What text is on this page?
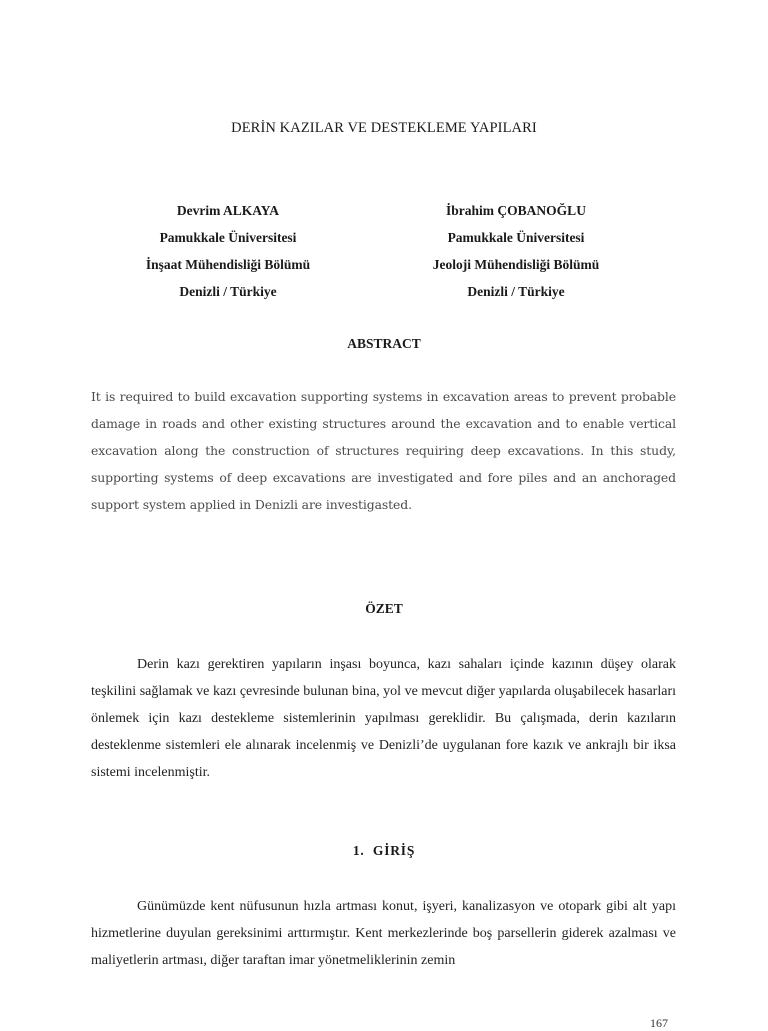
DERİN KAZILAR VE DESTEKLEME YAPILARI
Devrim ALKAYA
Pamukkale Üniversitesi
İnşaat Mühendisliği Bölümü
Denizli / Türkiye
İbrahim ÇOBANOĞLU
Pamukkale Üniversitesi
Jeoloji Mühendisliği Bölümü
Denizli / Türkiye
ABSTRACT

It is required to build excavation supporting systems in excavation areas to prevent probable damage in roads and other existing structures around the excavation and to enable vertical excavation along the construction of structures requiring deep excavations. In this study, supporting systems of deep excavations are investigated and fore piles and an anchoraged support system applied in Denizli are investigasted.

ÖZET

Derin kazı gerektiren yapıların inşası boyunca, kazı sahaları içinde kazının düşey olarak teşkilini sağlamak ve kazı çevresinde bulunan bina, yol ve mevcut diğer yapılarda oluşabilecek hasarları önlemek için kazı destekleme sistemlerinin yapılması gereklidir. Bu çalışmada, derin kazıların desteklenme sistemleri ele alınarak incelenmiş ve Denizli’de uygulanan fore kazık ve ankrajlı bir iksa sistemi incelenmiştir.

1.  GİRİŞ

Günümüzde kent nüfusunun hızla artması konut, işyeri, kanalizasyon ve otopark gibi alt yapı hizmetlerine duyulan gereksinimi arttırmıştır. Kent merkezlerinde boş parsellerin giderek azalması ve maliyetlerin artması, diğer taraftan imar yönetmeliklerinin zemin

167
